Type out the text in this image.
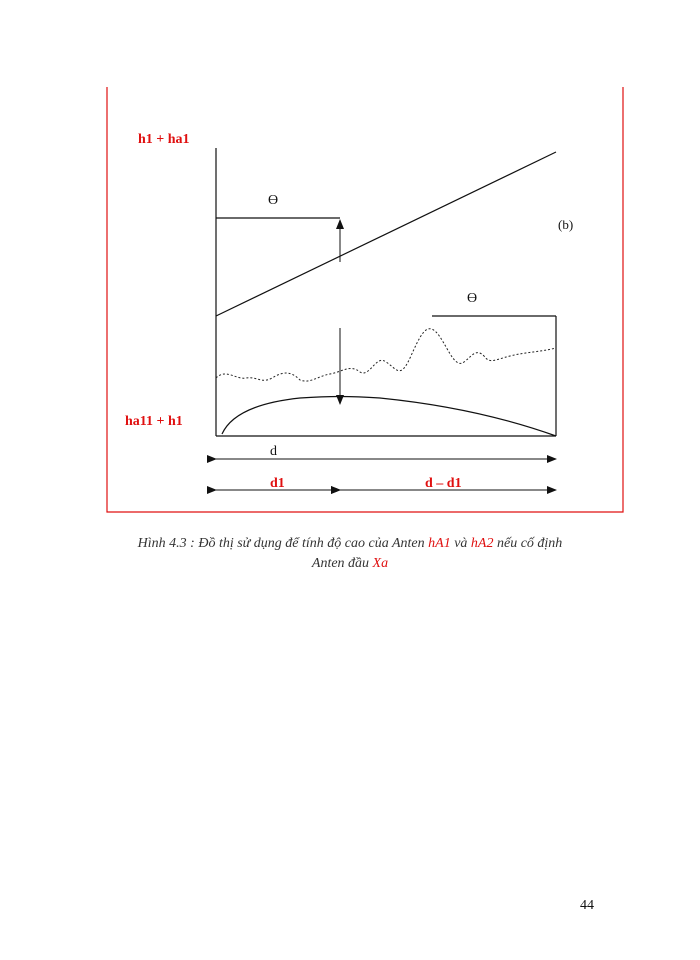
h1 + ha1
ha11 + h1
Ө
Ө
(b)
d
d1	d – d1
Hình 4.3 : Đồ thị sử dụng để tính độ cao của Anten hA1 và hA2 nếu cố định
Anten đầu Xa
44
